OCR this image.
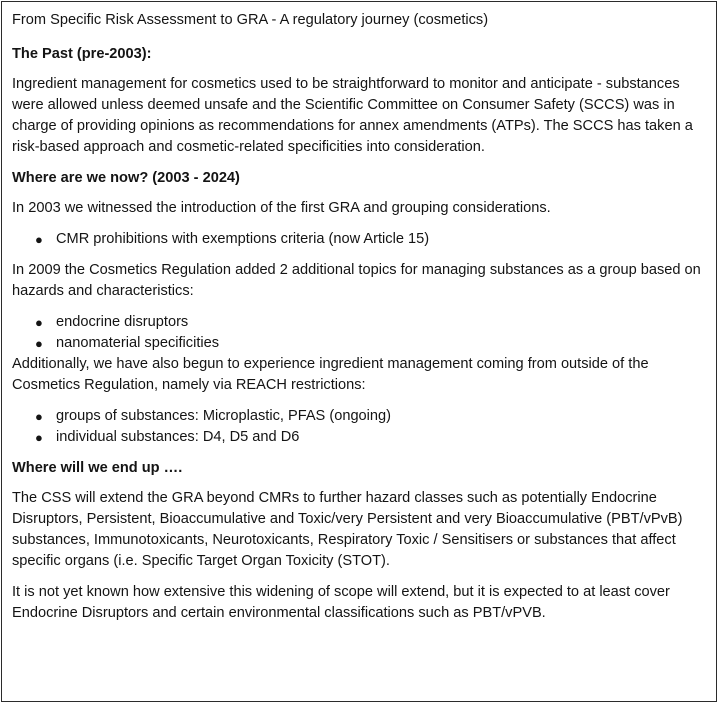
From Specific Risk Assessment to GRA - A regulatory journey (cosmetics)
The Past (pre-2003):

Ingredient management for cosmetics used to be straightforward to monitor and anticipate - substances were allowed unless deemed unsafe and the Scientific Committee on Consumer Safety (SCCS) was in charge of providing opinions as recommendations for annex amendments (ATPs). The SCCS has taken a risk-based approach and cosmetic-related specificities into consideration.

Where are we now? (2003 - 2024)

In 2003 we witnessed the introduction of the first GRA and grouping considerations.

● CMR prohibitions with exemptions criteria (now Article 15)

In 2009 the Cosmetics Regulation added 2 additional topics for managing substances as a group based on hazards and characteristics:

● endocrine disruptors
● nanomaterial specificities

Additionally, we have also begun to experience ingredient management coming from outside of the Cosmetics Regulation, namely via REACH restrictions:

● groups of substances: Microplastic, PFAS (ongoing)
● individual substances: D4, D5 and D6
Where will we end up ….

The CSS will extend the GRA beyond CMRs to further hazard classes such as potentially Endocrine Disruptors, Persistent, Bioaccumulative and Toxic/very Persistent and very Bioaccumulative (PBT/vPvB) substances, Immunotoxicants, Neurotoxicants, Respiratory Toxic / Sensitisers or substances that affect specific organs (i.e. Specific Target Organ Toxicity (STOT).

It is not yet known how extensive this widening of scope will extend, but it is expected to at least cover Endocrine Disruptors and certain environmental classifications such as PBT/vPVB.
